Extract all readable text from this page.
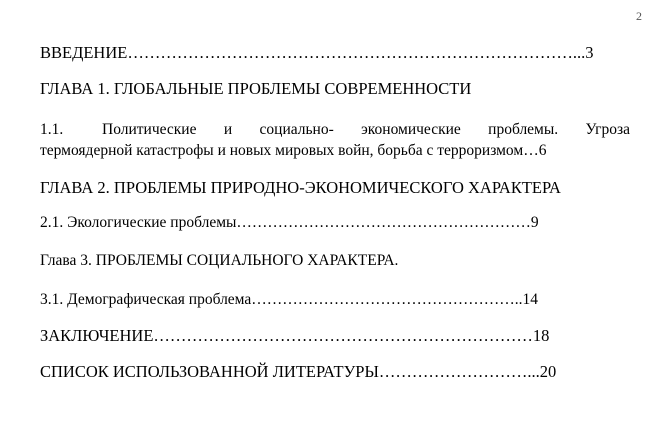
2
ВВЕДЕНИЕ………………………………………………………………………...3
ГЛАВА 1. ГЛОБАЛЬНЫЕ ПРОБЛЕМЫ СОВРЕМЕННОСТИ
1.1.	Политические и социально- экономические проблемы. Угроза
термоядерной катастрофы и новых мировых войн, борьба с терроризмом…6
ГЛАВА 2. ПРОБЛЕМЫ ПРИРОДНО-ЭКОНОМИЧЕСКОГО ХАРАКТЕРА
2.1. Экологические проблемы…………………………………………………9
Глава 3. ПРОБЛЕМЫ СОЦИАЛЬНОГО ХАРАКТЕРА.
3.1. Демографическая проблема……………………………………………..14
ЗАКЛЮЧЕНИЕ……………………………………………………………18
СПИСОК ИСПОЛЬЗОВАННОЙ ЛИТЕРАТУРЫ………………………...20
